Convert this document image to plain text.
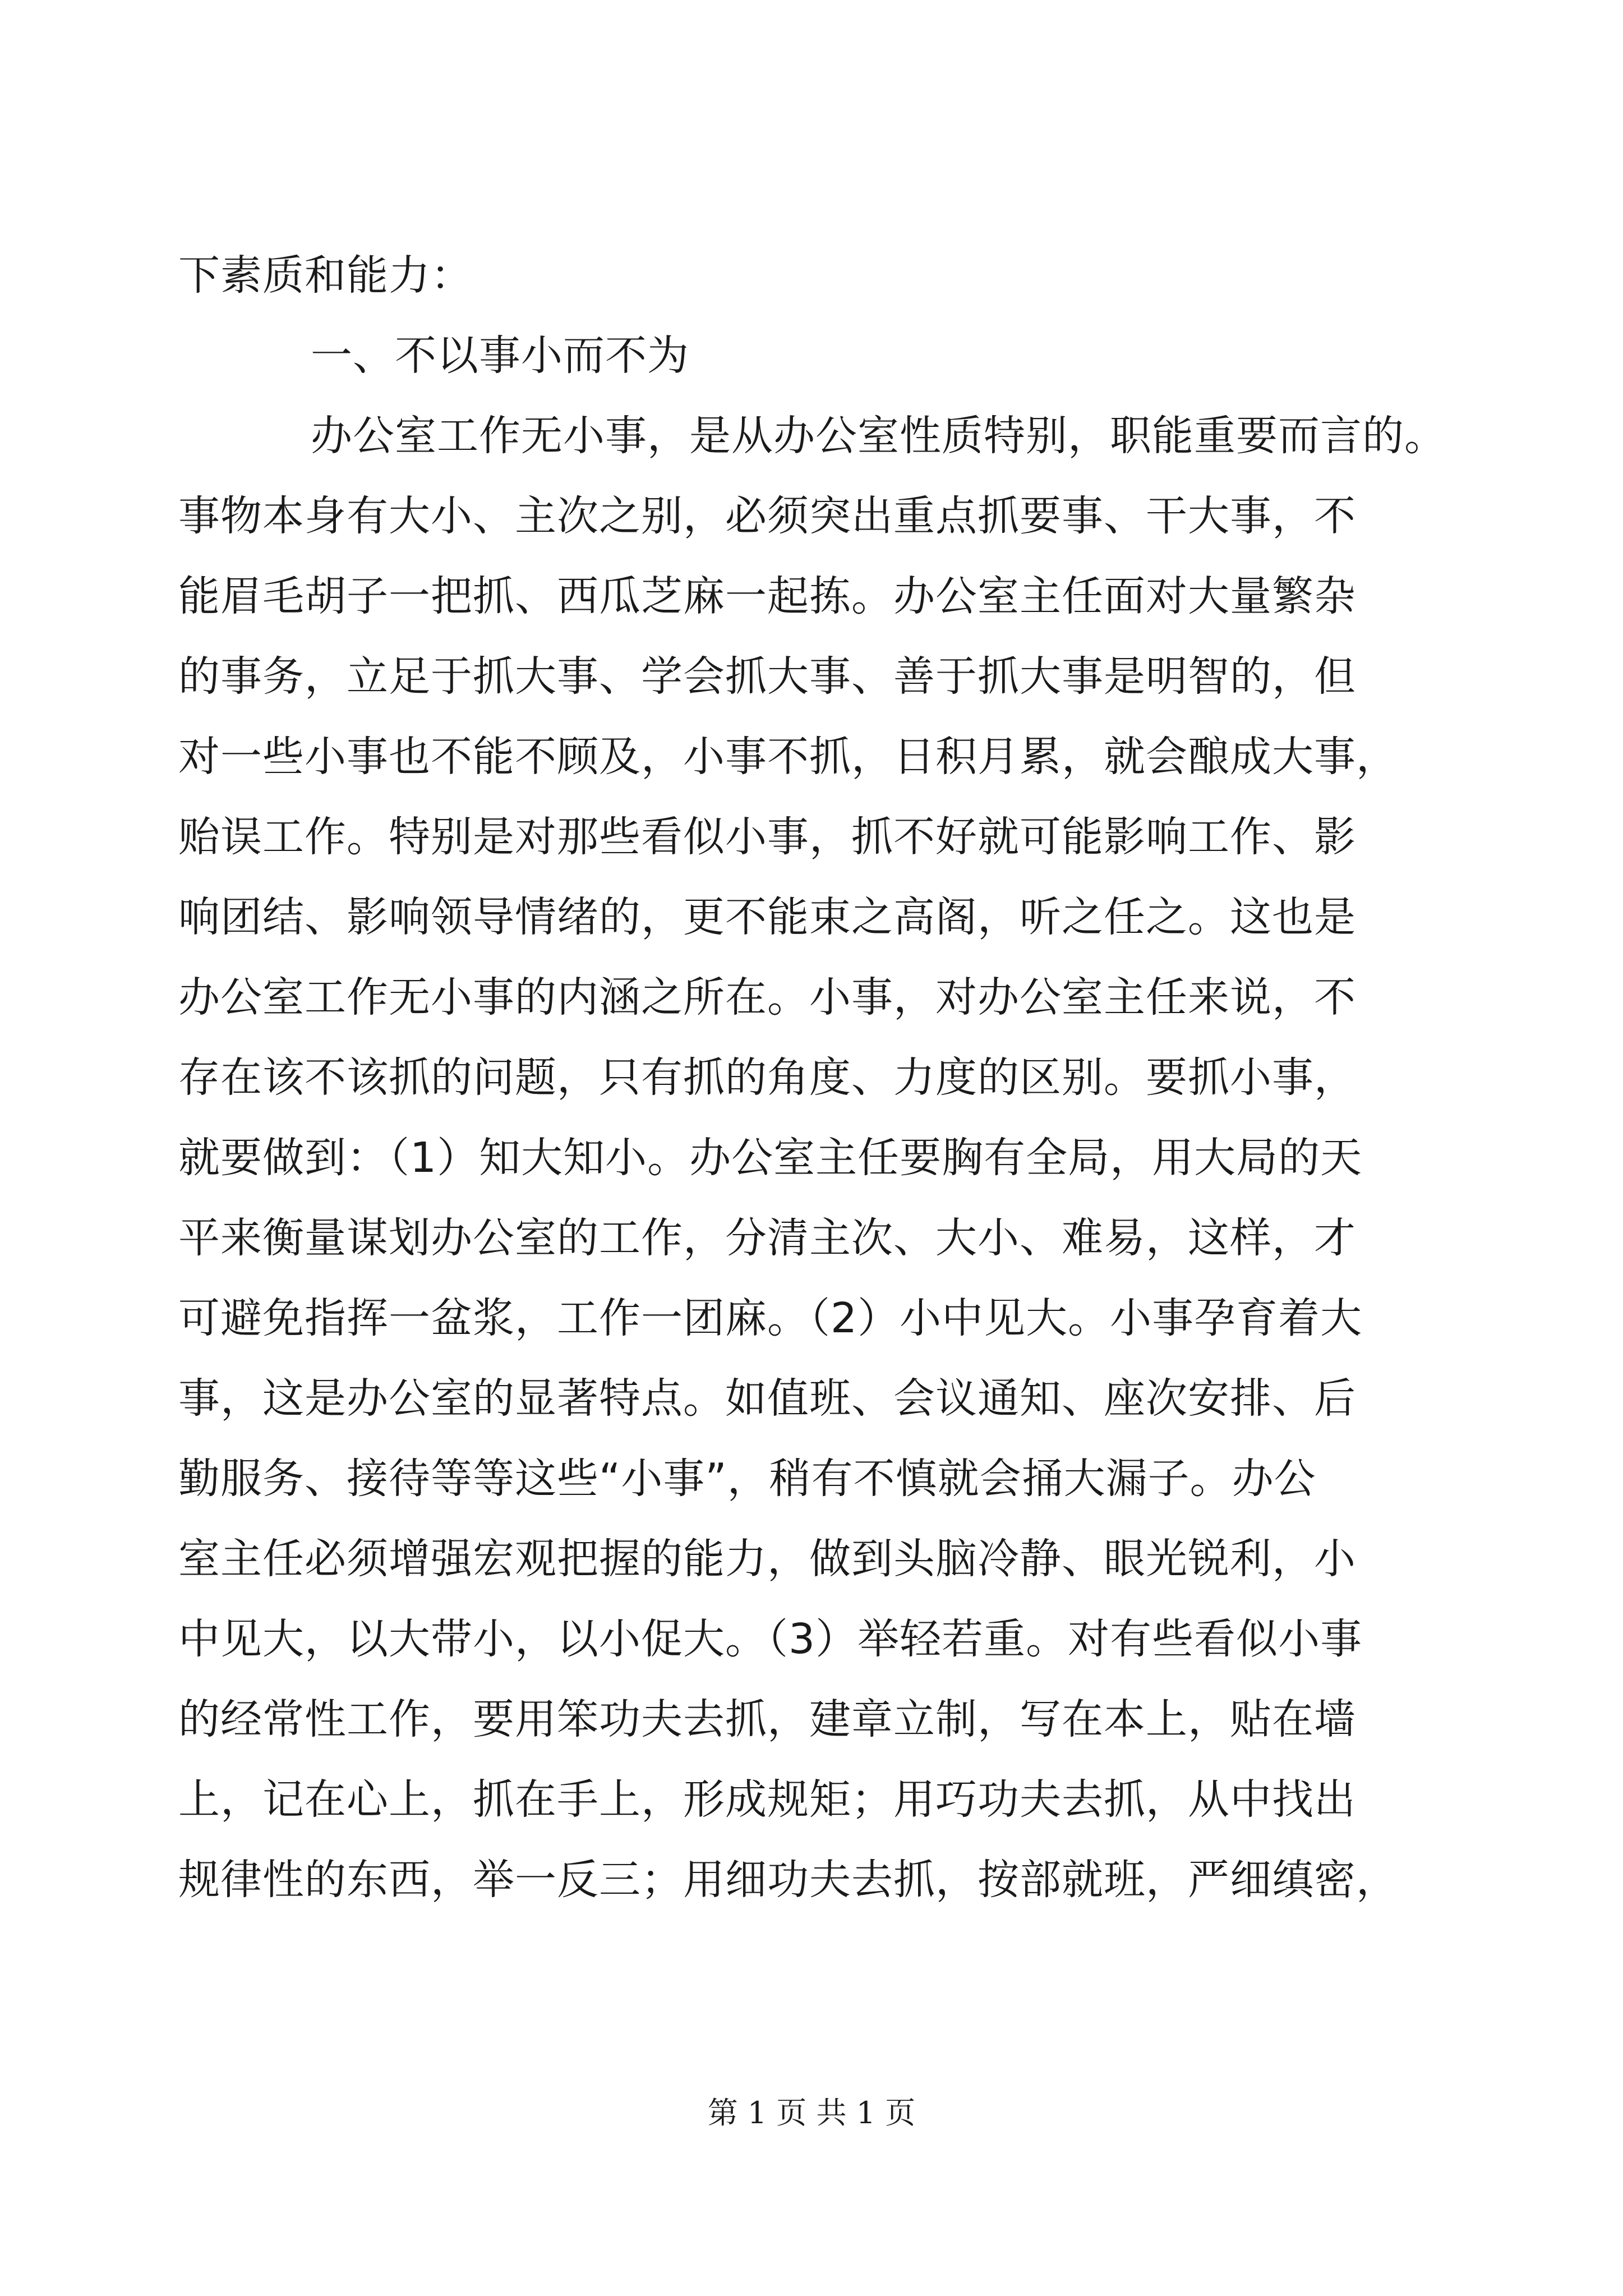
下素质和能力：
一、不以事小而不为
办公室工作无小事，是从办公室性质特别，职能重要而言的。
事物本身有大小、主次之别，必须突出重点抓要事、干大事，不
能眉毛胡子一把抓、西瓜芝麻一起拣。办公室主任面对大量繁杂
的事务，立足于抓大事、学会抓大事、善于抓大事是明智的，但
对一些小事也不能不顾及，小事不抓，日积月累，就会酿成大事，
贻误工作。特别是对那些看似小事，抓不好就可能影响工作、影
响团结、影响领导情绪的，更不能束之高阁，听之任之。这也是
办公室工作无小事的内涵之所在。小事，对办公室主任来说，不
存在该不该抓的问题，只有抓的角度、力度的区别。要抓小事，
就要做到：（1）知大知小。办公室主任要胸有全局，用大局的天
平来衡量谋划办公室的工作，分清主次、大小、难易，这样，才
可避免指挥一盆浆，工作一团麻。（2）小中见大。小事孕育着大
事，这是办公室的显著特点。如值班、会议通知、座次安排、后
勤服务、接待等等这些“小事”，稍有不慎就会捅大漏子。办公
室主任必须增强宏观把握的能力，做到头脑冷静、眼光锐利，小
中见大，以大带小，以小促大。（3）举轻若重。对有些看似小事
的经常性工作，要用笨功夫去抓，建章立制，写在本上，贴在墙
上，记在心上，抓在手上，形成规矩；用巧功夫去抓，从中找出
规律性的东西，举一反三；用细功夫去抓，按部就班，严细缜密，
第 1 页 共 1 页
